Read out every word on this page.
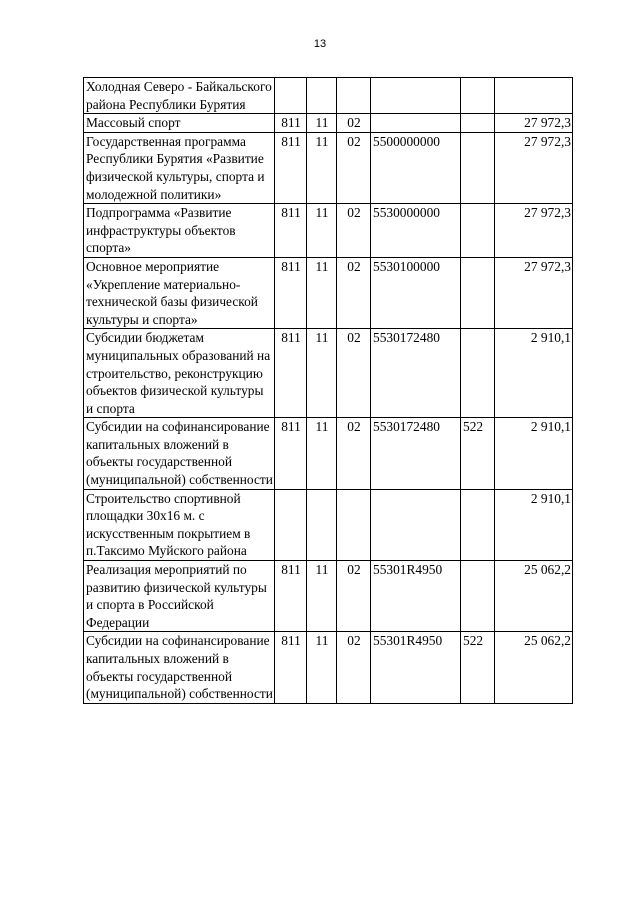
13
Холодная Северо - Байкальского района Республики Бурятия						
Массовый спорт	811	11	02			27 972,3
Государственная программа Республики Бурятия «Развитие физической культуры, спорта и молодежной политики»	811	11	02	5500000000		27 972,3
Подпрограмма «Развитие инфраструктуры объектов спорта»	811	11	02	5530000000		27 972,3
Основное мероприятие «Укрепление материально-технической базы физической культуры и спорта»	811	11	02	5530100000		27 972,3
Субсидии бюджетам муниципальных образований на строительство, реконструкцию объектов физической культуры и спорта	811	11	02	5530172480		2 910,1
Субсидии на софинансирование капитальных вложений в объекты государственной (муниципальной) собственности	811	11	02	5530172480	522	2 910,1
Строительство спортивной площадки 30х16 м. с искусственным покрытием в п.Таксимо Муйского района						2 910,1
Реализация мероприятий по развитию физической культуры и спорта в Российской Федерации	811	11	02	55301R4950		25 062,2
Субсидии на софинансирование капитальных вложений в объекты государственной (муниципальной) собственности	811	11	02	55301R4950	522	25 062,2
